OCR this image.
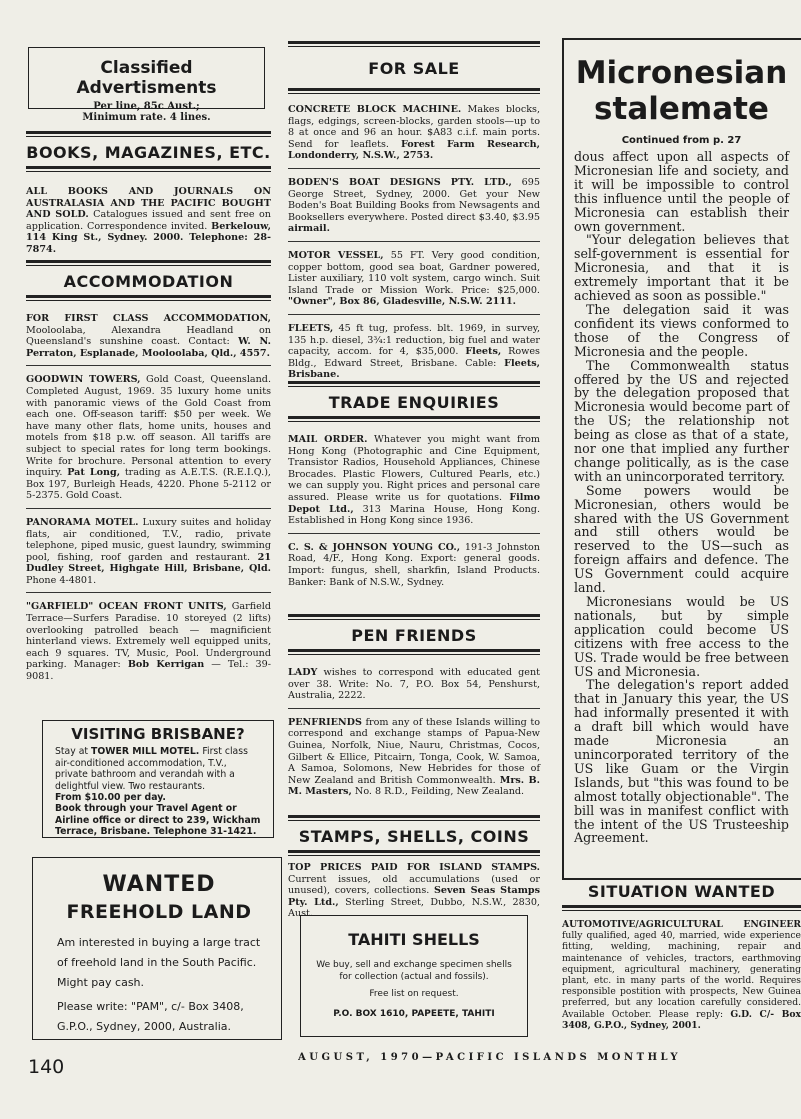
Classified Advertisments
Per line, 85c Aust.;
Minimum rate. 4 lines.
BOOKS, MAGAZINES, ETC.
ALL BOOKS AND JOURNALS ON AUSTRALASIA AND THE PACIFIC BOUGHT AND SOLD. Catalogues issued and sent free on application. Correspondence invited. Berkelouw, 114 King St., Sydney. 2000. Telephone: 28-7874.
ACCOMMODATION
FOR FIRST CLASS ACCOMMODATION, Mooloolaba, Alexandra Headland on Queensland's sunshine coast. Contact: W. N. Perraton, Esplanade, Mooloolaba, Qld., 4557.
GOODWIN TOWERS, Gold Coast, Queensland. Completed August, 1969. 35 luxury home units with panoramic views of the Gold Coast from each one. Off-season tariff: $50 per week. We have many other flats, home units, houses and motels from $18 p.w. off season. All tariffs are subject to special rates for long term bookings. Write for brochure. Personal attention to every inquiry. Pat Long, trading as A.E.T.S. (R.E.I.Q.), Box 197, Burleigh Heads, 4220. Phone 5-2112 or 5-2375. Gold Coast.
PANORAMA MOTEL. Luxury suites and holiday flats, air conditioned, T.V., radio, private telephone, piped music, guest laundry, swimming pool, fishing, roof garden and restaurant. 21 Dudley Street, Highgate Hill, Brisbane, Qld. Phone 4-4801.
"GARFIELD" OCEAN FRONT UNITS, Garfield Terrace—Surfers Paradise. 10 storeyed (2 lifts) overlooking patrolled beach — magnificient hinterland views. Extremely well equipped units, each 9 squares. TV, Music, Pool. Underground parking. Manager: Bob Kerrigan — Tel.: 39-9081.
VISITING BRISBANE?
Stay at TOWER MILL MOTEL. First class air-conditioned accommodation, T.V., private bathroom and verandah with a delightful view. Two restaurants.
From $10.00 per day.
Book through your Travel Agent or Airline office or direct to 239, Wickham Terrace, Brisbane. Telephone 31-1421.
WANTED
FREEHOLD LAND
Am interested in buying a large tract of freehold land in the South Pacific. Might pay cash.
Please write: "PAM", c/- Box 3408, G.P.O., Sydney, 2000, Australia.
FOR SALE
CONCRETE BLOCK MACHINE. Makes blocks, flags, edgings, screen-blocks, garden stools—up to 8 at once and 96 an hour. $A83 c.i.f. main ports. Send for leaflets. Forest Farm Research, Londonderry, N.S.W., 2753.
BODEN'S BOAT DESIGNS PTY. LTD., 695 George Street, Sydney, 2000. Get your New Boden's Boat Building Books from Newsagents and Booksellers everywhere. Posted direct $3.40, $3.95 airmail.
MOTOR VESSEL, 55 FT. Very good condition, copper bottom, good sea boat, Gardner powered, Lister auxiliary, 110 volt system, cargo winch. Suit Island Trade or Mission Work. Price: $25,000. "Owner", Box 86, Gladesville, N.S.W. 2111.
FLEETS, 45 ft tug, profess. blt. 1969, in survey, 135 h.p. diesel, 3¾:1 reduction, big fuel and water capacity, accom. for 4, $35,000. Fleets, Rowes Bldg., Edward Street, Brisbane. Cable: Fleets, Brisbane.
TRADE ENQUIRIES
MAIL ORDER. Whatever you might want from Hong Kong (Photographic and Cine Equipment, Transistor Radios, Household Appliances, Chinese Brocades. Plastic Flowers, Cultured Pearls, etc.) we can supply you. Right prices and personal care assured. Please write us for quotations. Filmo Depot Ltd., 313 Marina House, Hong Kong. Established in Hong Kong since 1936.
C. S. & JOHNSON YOUNG CO., 191-3 Johnston Road, 4/F., Hong Kong. Export: general goods. Import: fungus, shell, sharkfin, Island Products. Banker: Bank of N.S.W., Sydney.
PEN FRIENDS
LADY wishes to correspond with educated gent over 38. Write: No. 7, P.O. Box 54, Penshurst, Australia, 2222.
PENFRIENDS from any of these Islands willing to correspond and exchange stamps of Papua-New Guinea, Norfolk, Niue, Nauru, Christmas, Cocos, Gilbert & Ellice, Pitcairn, Tonga, Cook, W. Samoa, A Samoa, Solomons, New Hebrides for those of New Zealand and British Commonwealth. Mrs. B. M. Masters, No. 8 R.D., Feilding, New Zealand.
STAMPS, SHELLS, COINS
TOP PRICES PAID FOR ISLAND STAMPS. Current issues, old accumulations (used or unused), covers, collections. Seven Seas Stamps Pty. Ltd., Sterling Street, Dubbo, N.S.W., 2830, Aust.
TAHITI SHELLS
We buy, sell and exchange specimen shells for collection (actual and fossils).
Free list on request.
P.O. BOX 1610, PAPEETE, TAHITI
Micronesian
stalemate
Continued from p. 27

dous affect upon all aspects of Micronesian life and society, and it will be impossible to control this influence until the people of Micronesia can establish their own government.

"Your delegation believes that self-government is essential for Micronesia, and that it is extremely important that it be achieved as soon as possible."

The delegation said it was confident its views conformed to those of the Congress of Micronesia and the people.

The Commonwealth status offered by the US and rejected by the delegation proposed that Micronesia would become part of the US; the relationship not being as close as that of a state, nor one that implied any further change politically, as is the case with an unincorporated territory.

Some powers would be Micronesian, others would be shared with the US Government and still others would be reserved to the US—such as foreign affairs and defence. The US Government could acquire land.

Micronesians would be US nationals, but by simple application could become US citizens with free access to the US. Trade would be free between US and Micronesia.

The delegation's report added that in January this year, the US had informally presented it with a draft bill which would have made Micronesia an unincorporated territory of the US like Guam or the Virgin Islands, but "this was found to be almost totally objectionable". The bill was in manifest conflict with the intent of the US Trusteeship Agreement.

SITUATION WANTED
AUTOMOTIVE/AGRICULTURAL ENGINEER fully qualified, aged 40, married, wide experience fitting, welding, machining, repair and maintenance of vehicles, tractors, earthmoving equipment, agricultural machinery, generating plant, etc. in many parts of the world. Requires responsible postition with prospects, New Guinea preferred, but any location carefully considered. Available October. Please reply: G.D. C/- Box 3408, G.P.O., Sydney, 2001.
140	AUGUST, 1970—PACIFIC ISLANDS MONTHLY
